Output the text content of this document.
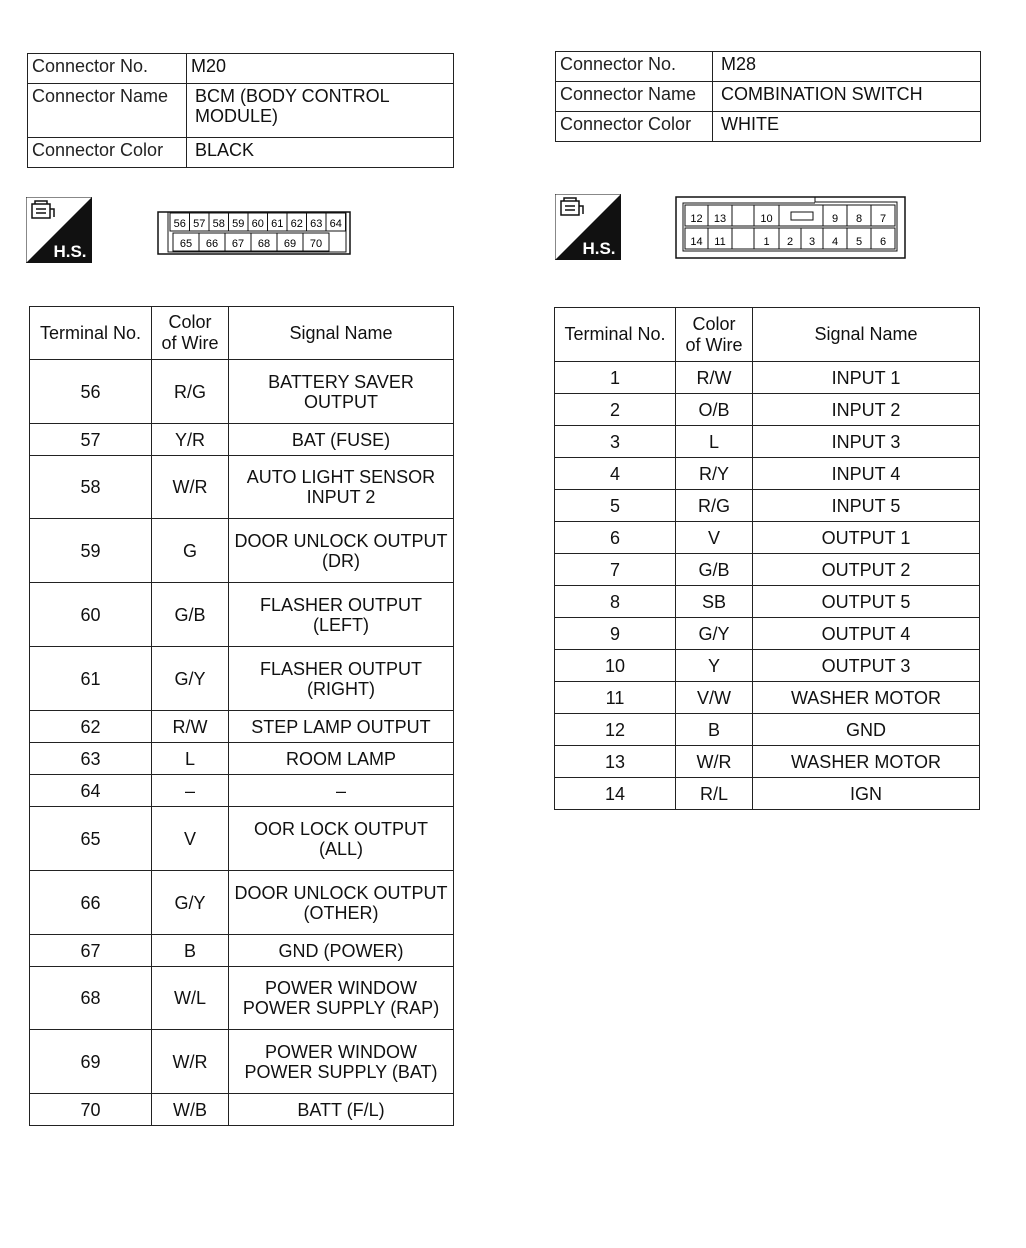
Connector No.	M20
Connector Name	BCM (BODY CONTROL MODULE)
Connector Color	BLACK
Connector No.	M28
Connector Name	COMBINATION SWITCH
Connector Color	WHITE
H.S.	H.S.
56 57 58 59 60 61 62 63 64
65 66 67 68 69 70
12 13	10	9 8 7
14 11	1 2 3 4 5 6
Terminal No.	Color of Wire	Signal Name
56	R/G	BATTERY SAVER OUTPUT
57	Y/R	BAT (FUSE)
58	W/R	AUTO LIGHT SENSOR INPUT 2
59	G	DOOR UNLOCK OUTPUT (DR)
60	G/B	FLASHER OUTPUT (LEFT)
61	G/Y	FLASHER OUTPUT (RIGHT)
62	R/W	STEP LAMP OUTPUT
63	L	ROOM LAMP
64	–	–
65	V	OOR LOCK OUTPUT (ALL)
66	G/Y	DOOR UNLOCK OUTPUT (OTHER)
67	B	GND (POWER)
68	W/L	POWER WINDOW POWER SUPPLY (RAP)
69	W/R	POWER WINDOW POWER SUPPLY (BAT)
70	W/B	BATT (F/L)
Terminal No.	Color of Wire	Signal Name
1	R/W	INPUT 1
2	O/B	INPUT 2
3	L	INPUT 3
4	R/Y	INPUT 4
5	R/G	INPUT 5
6	V	OUTPUT 1
7	G/B	OUTPUT 2
8	SB	OUTPUT 5
9	G/Y	OUTPUT 4
10	Y	OUTPUT 3
11	V/W	WASHER MOTOR
12	B	GND
13	W/R	WASHER MOTOR
14	R/L	IGN
